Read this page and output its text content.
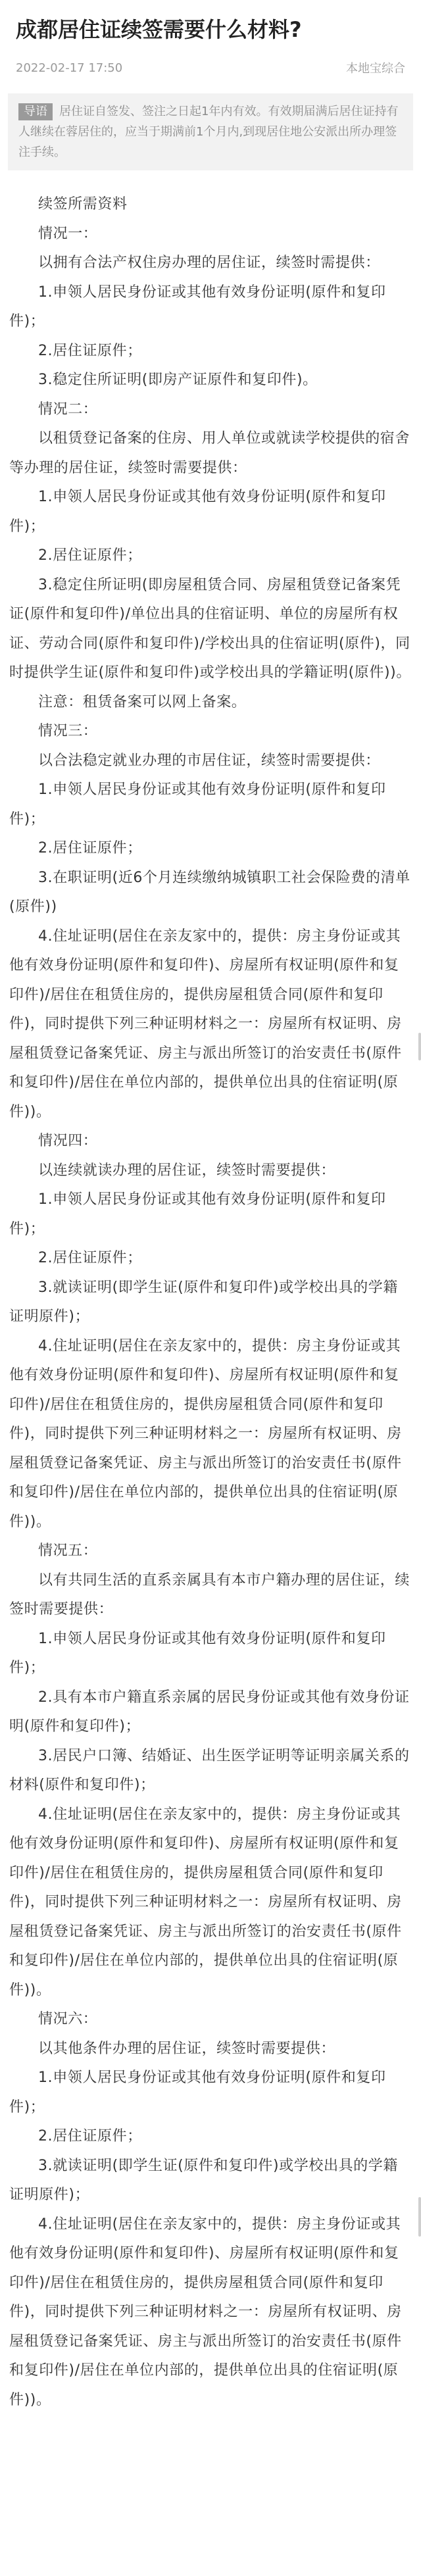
成都居住证续签需要什么材料?
2022-02-17 17:50	本地宝综合
导语 居住证自签发、签注之日起1年内有效。有效期届满后居住证持有人继续在蓉居住的，应当于期满前1个月内,到现居住地公安派出所办理签注手续。

续签所需资料

情况一：

以拥有合法产权住房办理的居住证，续签时需提供：

1.申领人居民身份证或其他有效身份证明(原件和复印件)；

2.居住证原件；

3.稳定住所证明(即房产证原件和复印件)。

情况二：

以租赁登记备案的住房、用人单位或就读学校提供的宿舍等办理的居住证，续签时需要提供：

1.申领人居民身份证或其他有效身份证明(原件和复印件)；

2.居住证原件；

3.稳定住所证明(即房屋租赁合同、房屋租赁登记备案凭证(原件和复印件)/单位出具的住宿证明、单位的房屋所有权证、劳动合同(原件和复印件)/学校出具的住宿证明(原件)，同时提供学生证(原件和复印件)或学校出具的学籍证明(原件))。

注意：租赁备案可以网上备案。

情况三：

以合法稳定就业办理的市居住证，续签时需要提供：

1.申领人居民身份证或其他有效身份证明(原件和复印件)；

2.居住证原件；

3.在职证明(近6个月连续缴纳城镇职工社会保险费的清单(原件))

4.住址证明(居住在亲友家中的，提供：房主身份证或其他有效身份证明(原件和复印件)、房屋所有权证明(原件和复印件)/居住在租赁住房的，提供房屋租赁合同(原件和复印件)，同时提供下列三种证明材料之一：房屋所有权证明、房屋租赁登记备案凭证、房主与派出所签订的治安责任书(原件和复印件)/居住在单位内部的，提供单位出具的住宿证明(原件))。

情况四：

以连续就读办理的居住证，续签时需要提供：

1.申领人居民身份证或其他有效身份证明(原件和复印件)；

2.居住证原件；

3.就读证明(即学生证(原件和复印件)或学校出具的学籍证明原件)；

4.住址证明(居住在亲友家中的，提供：房主身份证或其他有效身份证明(原件和复印件)、房屋所有权证明(原件和复印件)/居住在租赁住房的，提供房屋租赁合同(原件和复印件)，同时提供下列三种证明材料之一：房屋所有权证明、房屋租赁登记备案凭证、房主与派出所签订的治安责任书(原件和复印件)/居住在单位内部的，提供单位出具的住宿证明(原件))。

情况五：

以有共同生活的直系亲属具有本市户籍办理的居住证，续签时需要提供：

1.申领人居民身份证或其他有效身份证明(原件和复印件)；

2.具有本市户籍直系亲属的居民身份证或其他有效身份证明(原件和复印件)；

3.居民户口簿、结婚证、出生医学证明等证明亲属关系的材料(原件和复印件)；

4.住址证明(居住在亲友家中的，提供：房主身份证或其他有效身份证明(原件和复印件)、房屋所有权证明(原件和复印件)/居住在租赁住房的，提供房屋租赁合同(原件和复印件)，同时提供下列三种证明材料之一：房屋所有权证明、房屋租赁登记备案凭证、房主与派出所签订的治安责任书(原件和复印件)/居住在单位内部的，提供单位出具的住宿证明(原件))。

情况六：

以其他条件办理的居住证，续签时需要提供：

1.申领人居民身份证或其他有效身份证明(原件和复印件)；

2.居住证原件；

3.就读证明(即学生证(原件和复印件)或学校出具的学籍证明原件)；

4.住址证明(居住在亲友家中的，提供：房主身份证或其他有效身份证明(原件和复印件)、房屋所有权证明(原件和复印件)/居住在租赁住房的，提供房屋租赁合同(原件和复印件)，同时提供下列三种证明材料之一：房屋所有权证明、房屋租赁登记备案凭证、房主与派出所签订的治安责任书(原件和复印件)/居住在单位内部的，提供单位出具的住宿证明(原件))。
